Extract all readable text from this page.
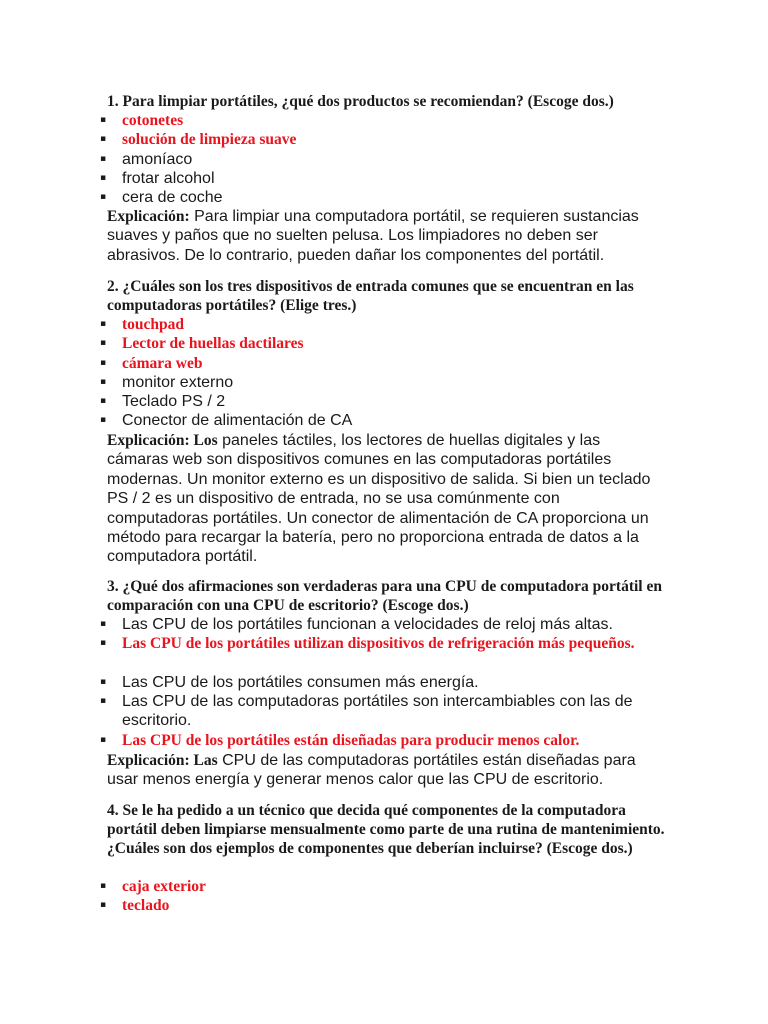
1. Para limpiar portátiles, ¿qué dos productos se recomiendan? (Escoge dos.)
▪ cotonetes
▪ solución de limpieza suave
▪ amoníaco
▪ frotar alcohol
▪ cera de coche
Explicación: Para limpiar una computadora portátil, se requieren sustancias suaves y paños que no suelten pelusa. Los limpiadores no deben ser abrasivos. De lo contrario, pueden dañar los componentes del portátil.
2. ¿Cuáles son los tres dispositivos de entrada comunes que se encuentran en las computadoras portátiles? (Elige tres.)
▪ touchpad
▪ Lector de huellas dactilares
▪ cámara web
▪ monitor externo
▪ Teclado PS / 2
▪ Conector de alimentación de CA
Explicación: Los paneles táctiles, los lectores de huellas digitales y las cámaras web son dispositivos comunes en las computadoras portátiles modernas. Un monitor externo es un dispositivo de salida. Si bien un teclado PS / 2 es un dispositivo de entrada, no se usa comúnmente con computadoras portátiles. Un conector de alimentación de CA proporciona un método para recargar la batería, pero no proporciona entrada de datos a la computadora portátil.
3. ¿Qué dos afirmaciones son verdaderas para una CPU de computadora portátil en comparación con una CPU de escritorio? (Escoge dos.)
▪ Las CPU de los portátiles funcionan a velocidades de reloj más altas.
▪ Las CPU de los portátiles utilizan dispositivos de refrigeración más pequeños.
▪ Las CPU de los portátiles consumen más energía.
▪ Las CPU de las computadoras portátiles son intercambiables con las de escritorio.
▪ Las CPU de los portátiles están diseñadas para producir menos calor.
Explicación: Las CPU de las computadoras portátiles están diseñadas para usar menos energía y generar menos calor que las CPU de escritorio.
4. Se le ha pedido a un técnico que decida qué componentes de la computadora portátil deben limpiarse mensualmente como parte de una rutina de mantenimiento. ¿Cuáles son dos ejemplos de componentes que deberían incluirse? (Escoge dos.)
▪ caja exterior
▪ teclado
